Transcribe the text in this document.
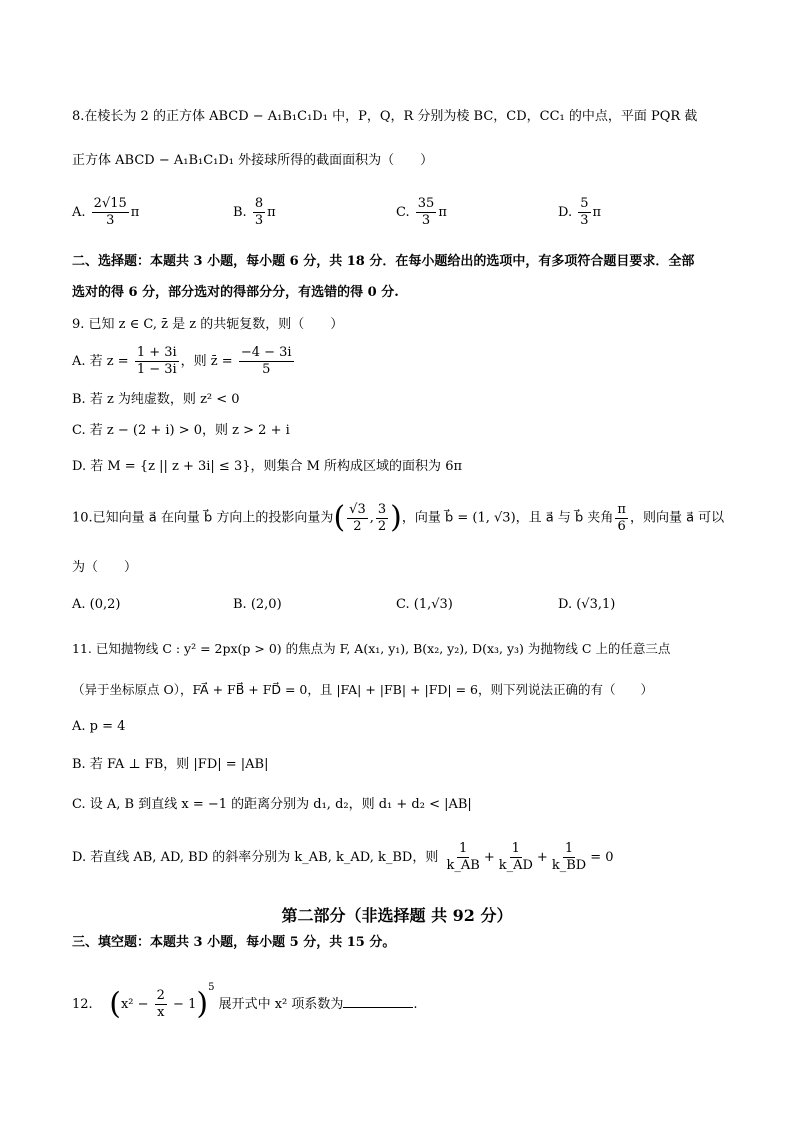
8.在棱长为 2 的正方体 ABCD − A₁B₁C₁D₁ 中，P，Q，R 分别为棱 BC，CD，CC₁ 的中点，平面 PQR 截
正方体 ABCD − A₁B₁C₁D₁ 外接球所得的截面面积为（　　）
A. $\frac{2√15}{3}$ π	B. $\frac{8}{3}$ π	C. $\frac{35}{3}$ π	D. $\frac{5}{3}$ π
二、选择题：本题共 3 小题，每小题 6 分，共 18 分．在每小题给出的选项中，有多项符合题目要求．全部
选对的得 6 分，部分选对的得部分分，有选错的得 0 分.
9. 已知 z ∈ C, z̄ 是 z 的共轭复数，则（　　）
A. 若 $z = \frac{1 + 3i}{1 - 3i}$ ，则 z̄ = $\frac{-4 - 3i}{5}$
B. 若 z 为纯虚数，则 z² < 0
C. 若 z − (2 + i) > 0，则 z > 2 + i
D. 若 M = {z || z + 3i| ≤ 3}，则集合 M 所构成区域的面积为 6π
10.已知向量 a⃗ 在向量 b⃗ 方向上的投影向量为( $\frac{√3}{2}$ , $\frac{3}{2}$ )，向量 b⃗ = (1, √3)，且 a⃗ 与 b⃗ 夹角 $\frac{\pi}{6}$ ，则向量 a⃗ 可以
为（　　）
A. (0,2)	B. (2,0)	C. (1,√3)	D. (√3,1)
11. 已知抛物线 C : y² = 2px(p > 0) 的焦点为 F, A(x₁, y₁), B(x₂, y₂), D(x₃, y₃) 为抛物线 C 上的任意三点
（异于坐标原点 O），FA⃗ + FB⃗ + FD⃗ = 0，且 |FA| + |FB| + |FD| = 6，则下列说法正确的有（　　）
A. p = 4
B. 若 FA ⊥ FB，则 |FD| = |AB|
C. 设 A, B 到直线 x = −1 的距离分别为 d₁, d₂，则 d₁ + d₂ < |AB|
D. 若直线 AB, AD, BD 的斜率分别为 k_AB, k_AD, k_BD，则 $\frac{1}{k\_AB} + \frac{1}{k\_AD} + \frac{1}{k\_BD} = 0$
第二部分（非选择题 共 92 分）
三、填空题：本题共 3 小题，每小题 5 分，共 15 分。
12. $(x^2 - \frac{2}{x} - 1)^5$ 展开式中 x² 项系数为	.
